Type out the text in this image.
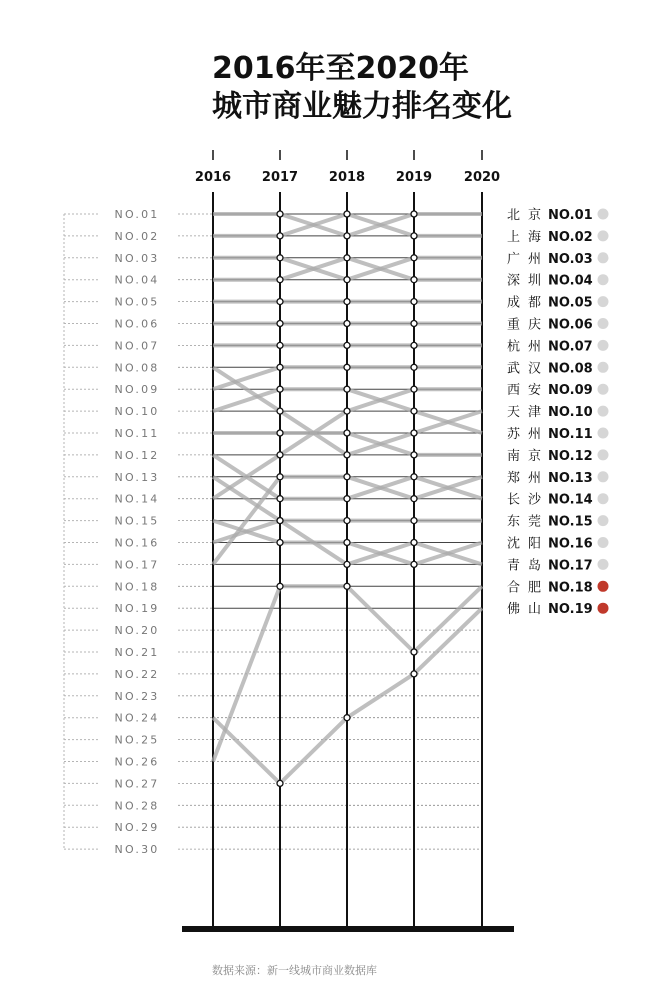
2016年至2020年
城市商业魅力排名变化
NO.01
NO.02
NO.03
NO.04
NO.05
NO.06
NO.07
NO.08
NO.09
NO.10
NO.11
NO.12
NO.13
NO.14
NO.15
NO.16
NO.17
NO.18
NO.19
NO.20
NO.21
NO.22
NO.23
NO.24
NO.25
NO.26
NO.27
NO.28
NO.29
NO.30
2016 2017 2018 2019 2020
北京
NO.01
上海
NO.02
广州
NO.03
深圳
NO.04
成都
NO.05
重庆
NO.06
杭州
NO.07
武汉
NO.08
西安
NO.09
天津
NO.10
苏州
NO.11
南京
NO.12
郑州
NO.13
长沙
NO.14
东莞
NO.15
沈阳
NO.16
青岛
NO.17
合肥
NO.18
佛山
NO.19
数据来源：新一线城市商业数据库
